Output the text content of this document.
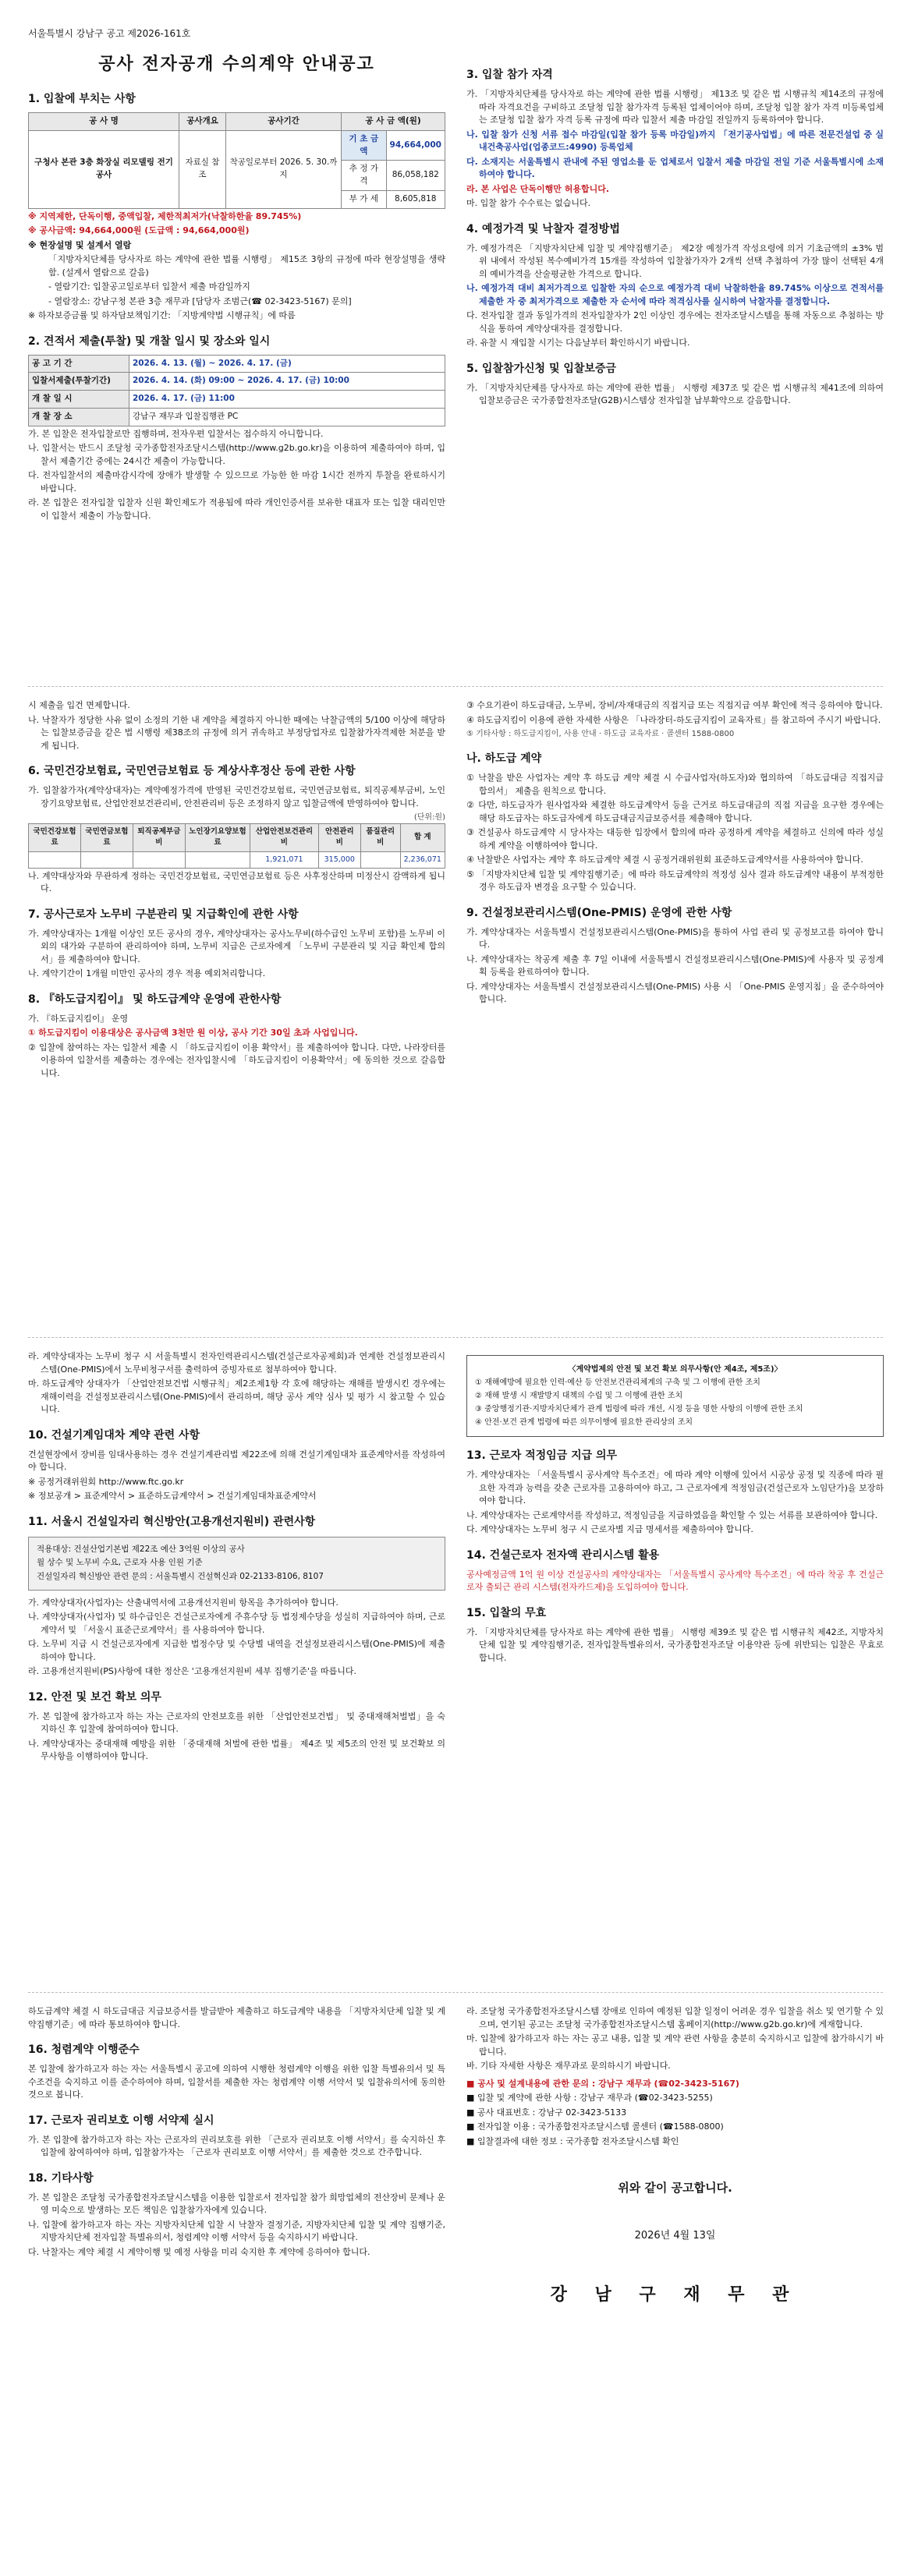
서울특별시 강남구 공고 제2026-161호
공사 전자공개 수의계약 안내공고
1. 입찰에 부치는 사항
공 사 명	공사개요	공사기간	공 사 금 액(원)	
구청사 본관 3층 화장실 리모델링 전기공사	자료실 참조	착공일로부터 2026. 5. 30.까지	기 초 금 액	94,664,000
			추 정 가 격	86,058,182
			부 가 세	8,605,818

※ 지역제한, 단독이행, 중액입찰, 제한적최저가(낙찰하한율 89.745%)

※ 공사금액: 94,664,000원 (도급액 : 94,664,000원)

※ 현장설명 및 설계서 열람

「지방자치단체를 당사자로 하는 계약에 관한 법률 시행령」 제15조 3항의 규정에 따라 현장설명을 생략함. (설계서 열람으로 갈음)

- 열람기간: 입찰공고일로부터 입찰서 제출 마감일까지

- 열람장소: 강남구청 본관 3층 재무과 [담당자 조범근(☎ 02-3423-5167) 문의]

※ 하자보증금률 및 하자담보책임기간: 「지방계약법 시행규칙」에 따름

2. 견적서 제출(투찰) 및 개찰 일시 및 장소와 일시
공 고 기 간	2026. 4. 13. (월) ~ 2026. 4. 17. (금)
입찰서제출(투찰기간)	2026. 4. 14. (화) 09:00 ~ 2026. 4. 17. (금) 10:00
개 찰 일 시	2026. 4. 17. (금) 11:00
개 찰 장 소	강남구 재무과 입찰집행관 PC

가. 본 입찰은 전자입찰로만 집행하며, 전자우편 입찰서는 접수하지 아니합니다.

나. 입찰서는 반드시 조달청 국가종합전자조달시스템(http://www.g2b.go.kr)을 이용하여 제출하여야 하며, 입찰서 제출기간 중에는 24시간 제출이 가능합니다.

다. 전자입찰서의 제출마감시각에 장애가 발생할 수 있으므로 가능한 한 마감 1시간 전까지 투찰을 완료하시기 바랍니다.

라. 본 입찰은 전자입찰 입찰자 신원 확인제도가 적용됨에 따라 개인인증서를 보유한 대표자 또는 입찰 대리인만이 입찰서 제출이 가능합니다.

3. 입찰 참가 자격

가. 「지방자치단체를 당사자로 하는 계약에 관한 법률 시행령」 제13조 및 같은 법 시행규칙 제14조의 규정에 따라 자격요건을 구비하고 조달청 입찰 참가자격 등록된 업체이어야 하며, 조달청 입찰 참가 자격 미등록업체는 조달청 입찰 참가 자격 등록 규정에 따라 입찰서 제출 마감일 전일까지 등록하여야 합니다.

나. 입찰 참가 신청 서류 접수 마감일(입찰 참가 등록 마감일)까지 「전기공사업법」에 따른 전문건설업 중 실내건축공사업(업종코드:4990) 등록업체

다. 소재지는 서울특별시 관내에 주된 영업소를 둔 업체로서 입찰서 제출 마감일 전일 기준 서울특별시에 소재하여야 합니다.

라. 본 사업은 단독이행만 허용합니다.

마. 입찰 참가 수수료는 없습니다.

4. 예정가격 및 낙찰자 결정방법

가. 예정가격은 「지방자치단체 입찰 및 계약집행기준」 제2장 예정가격 작성요령에 의거 기초금액의 ±3% 범위 내에서 작성된 복수예비가격 15개를 작성하여 입찰참가자가 2개씩 선택 추첨하여 가장 많이 선택된 4개의 예비가격을 산술평균한 가격으로 합니다.

나. 예정가격 대비 최저가격으로 입찰한 자의 순으로 예정가격 대비 낙찰하한율 89.745% 이상으로 견적서를 제출한 자 중 최저가격으로 제출한 자 순서에 따라 적격심사를 실시하여 낙찰자를 결정합니다.

다. 전자입찰 결과 동일가격의 전자입찰자가 2인 이상인 경우에는 전자조달시스템을 통해 자동으로 추첨하는 방식을 통하여 계약상대자를 결정합니다.

라. 유찰 시 재입찰 시기는 다음날부터 확인하시기 바랍니다.

5. 입찰참가신청 및 입찰보증금

가. 「지방자치단체를 당사자로 하는 계약에 관한 법률」 시행령 제37조 및 같은 법 시행규칙 제41조에 의하여 입찰보증금은 국가종합전자조달(G2B)시스템상 전자입찰 납부확약으로 갈음합니다.

시 제출을 입건 면제합니다.

나. 낙찰자가 정당한 사유 없이 소정의 기한 내 계약을 체결하지 아니한 때에는 낙찰금액의 5/100 이상에 해당하는 입찰보증금을 같은 법 시행령 제38조의 규정에 의거 귀속하고 부정당업자로 입찰참가자격제한 처분을 받게 됩니다.

6. 국민건강보험료, 국민연금보험료 등 계상사후정산 등에 관한 사항

가. 입찰참가자(계약상대자)는 계약예정가격에 반영된 국민건강보험료, 국민연금보험료, 퇴직공제부금비, 노인장기요양보험료, 산업안전보건관리비, 안전관리비 등은 조정하지 않고 입찰금액에 반영하여야 합니다.

(단위:원)
국민건강보험료	국민연금보험료	퇴직공제부금비	노인장기요양보험료	산업안전보건관리비	안전관리비	품질관리비	합 계
				1,921,071	315,000		2,236,071

나. 계약대상자와 무관하게 정하는 국민건강보험료, 국민연금보험료 등은 사후정산하며 미정산시 감액하게 됩니다.

7. 공사근로자 노무비 구분관리 및 지급확인에 관한 사항

가. 계약상대자는 1개월 이상인 모든 공사의 경우, 계약상대자는 공사노무비(하수급인 노무비 포함)를 노무비 이외의 대가와 구분하여 관리하여야 하며, 노무비 지급은 근로자에게 「노무비 구분관리 및 지급 확인제 합의서」를 제출하여야 합니다.

나. 계약기간이 1개월 미만인 공사의 경우 적용 예외처리합니다.

8. 『하도급지킴이』 및 하도급계약 운영에 관한사항

가. 『하도급지킴이』 운영

① 하도급지킴이 이용대상은 공사금액 3천만 원 이상, 공사 기간 30일 초과 사업입니다.

② 입찰에 참여하는 자는 입찰서 제출 시 「하도급지킴이 이용 확약서」를 제출하여야 합니다. 다만, 나라장터를 이용하여 입찰서를 제출하는 경우에는 전자입찰시에 「하도급지킴이 이용확약서」에 동의한 것으로 갈음합니다.

③ 수요기관이 하도급대금, 노무비, 장비/자재대금의 직접지급 또는 직접지급 여부 확인에 적극 응하여야 합니다.

④ 하도급지킴이 이용에 관한 자세한 사항은 「나라장터-하도급지킴이 교육자료」를 참고하여 주시기 바랍니다.

⑤ 기타사항 : 하도급지킴이, 사용 안내 · 하도급 교육자료 · 콜센터 1588-0800

나. 하도급 계약

① 낙찰을 받은 사업자는 계약 후 하도급 계약 체결 시 수급사업자(하도자)와 협의하여 「하도급대금 직접지급 합의서」 제출을 원칙으로 합니다.

② 다만, 하도급자가 원사업자와 체결한 하도급계약서 등을 근거로 하도급대금의 직접 지급을 요구한 경우에는 해당 하도급자는 하도급자에게 하도급대금지급보증서를 제출해야 합니다.

③ 건설공사 하도급계약 시 당사자는 대등한 입장에서 합의에 따라 공정하게 계약을 체결하고 신의에 따라 성실하게 계약을 이행하여야 합니다.

④ 낙찰받은 사업자는 계약 후 하도급계약 체결 시 공정거래위원회 표준하도급계약서를 사용하여야 합니다.

⑤ 「지방자치단체 입찰 및 계약집행기준」에 따라 하도급계약의 적정성 심사 결과 하도급계약 내용이 부적정한 경우 하도급자 변경을 요구할 수 있습니다.

9. 건설정보관리시스템(One-PMIS) 운영에 관한 사항

가. 계약상대자는 서울특별시 건설정보관리시스템(One-PMIS)을 통하여 사업 관리 및 공정보고를 하여야 합니다.

나. 계약상대자는 착공계 제출 후 7일 이내에 서울특별시 건설정보관리시스템(One-PMIS)에 사용자 및 공정계획 등록을 완료하여야 합니다.

다. 계약상대자는 서울특별시 건설정보관리시스템(One-PMIS) 사용 시 「One-PMIS 운영지침」을 준수하여야 합니다.

라. 계약상대자는 노무비 청구 시 서울특별시 전자인력관리시스템(건설근로자공제회)과 연계한 건설정보관리시스템(One-PMIS)에서 노무비청구서를 출력하여 증빙자료로 첨부하여야 합니다.

마. 하도급계약 상대자가 「산업안전보건법 시행규칙」제2조제1항 각 호에 해당하는 재해를 발생시킨 경우에는 재해이력을 건설정보관리시스템(One-PMIS)에서 관리하며, 해당 공사 계약 심사 및 평가 시 참고할 수 있습니다.

10. 건설기계임대차 계약 관련 사항

건설현장에서 장비를 임대사용하는 경우 건설기계관리법 제22조에 의해 건설기계임대차 표준계약서를 작성하여야 합니다.

※ 공정거래위원회 http://www.ftc.go.kr

※ 정보공개 > 표준계약서 > 표준하도급계약서 > 건설기계임대차표준계약서

11. 서울시 건설일자리 혁신방안(고용개선지원비) 관련사항

적용대상: 건설산업기본법 제22조 예산 3억원 이상의 공사

월 상수 및 노무비 수요, 근로자 사용 인원 기준

건설일자리 혁신방안 관련 문의 : 서울특별시 건설혁신과 02-2133-8106, 8107

가. 계약상대자(사업자)는 산출내역서에 고용개선지원비 항목을 추가하여야 합니다.

나. 계약상대자(사업자) 및 하수급인은 건설근로자에게 주휴수당 등 법정제수당을 성실히 지급하여야 하며, 근로계약서 및 「서울시 표준근로계약서」를 사용하여야 합니다.

다. 노무비 지급 시 건설근로자에게 지급한 법정수당 및 수당별 내역을 건설정보관리시스템(One-PMIS)에 제출하여야 합니다.

라. 고용개선지원비(PS)사항에 대한 정산은 '고용개선지원비 세부 집행기준'을 따릅니다.

12. 안전 및 보건 확보 의무

가. 본 입찰에 참가하고자 하는 자는 근로자의 안전보호를 위한 「산업안전보건법」 및 중대재해처벌법」을 숙지하신 후 입찰에 참여하여야 합니다.

나. 계약상대자는 중대재해 예방을 위한 「중대재해 처벌에 관한 법률」 제4조 및 제5조의 안전 및 보건확보 의무사항을 이행하여야 합니다.

〈계약법제의 안전 및 보건 확보 의무사항(안 제4조, 제5조)〉

① 재해예방에 필요한 인력·예산 등 안전보건관리체계의 구축 및 그 이행에 관한 조치

② 재해 발생 시 재발방지 대책의 수립 및 그 이행에 관한 조치

③ 중앙행정기관·지방자치단체가 관계 법령에 따라 개선, 시정 등을 명한 사항의 이행에 관한 조치

④ 안전·보건 관계 법령에 따른 의무이행에 필요한 관리상의 조치

13. 근로자 적정임금 지급 의무

가. 계약상대자는 「서울특별시 공사계약 특수조건」에 따라 계약 이행에 있어서 시공상 공정 및 직종에 따라 필요한 자격과 능력을 갖춘 근로자를 고용하여야 하고, 그 근로자에게 적정임금(건설근로자 노임단가)을 보장하여야 합니다.

나. 계약상대자는 근로계약서를 작성하고, 적정임금을 지급하였음을 확인할 수 있는 서류를 보관하여야 합니다.

다. 계약상대자는 노무비 청구 시 근로자별 지급 명세서를 제출하여야 합니다.

14. 건설근로자 전자액 관리시스템 활용

공사예정금액 1억 원 이상 건설공사의 계약상대자는 「서울특별시 공사계약 특수조건」에 따라 착공 후 건설근로자 출퇴근 관리 시스템(전자카드제)을 도입하여야 합니다.

15. 입찰의 무효

가. 「지방자치단체를 당사자로 하는 계약에 관한 법률」 시행령 제39조 및 같은 법 시행규칙 제42조, 지방자치단체 입찰 및 계약집행기준, 전자입찰특별유의서, 국가종합전자조달 이용약관 등에 위반되는 입찰은 무효로 합니다.

하도급계약 체결 시 하도급대금 지급보증서를 발급받아 제출하고 하도급계약 내용을 「지방자치단체 입찰 및 계약집행기준」에 따라 통보하여야 합니다.

16. 청렴계약 이행준수

본 입찰에 참가하고자 하는 자는 서울특별시 공고에 의하여 시행한 청렴계약 이행을 위한 입찰 특별유의서 및 특수조건을 숙지하고 이를 준수하여야 하며, 입찰서를 제출한 자는 청렴계약 이행 서약서 및 입찰유의서에 동의한 것으로 봅니다.

17. 근로자 권리보호 이행 서약제 실시

가. 본 입찰에 참가하고자 하는 자는 근로자의 권리보호를 위한 「근로자 권리보호 이행 서약서」를 숙지하신 후 입찰에 참여하여야 하며, 입찰참가자는 「근로자 권리보호 이행 서약서」를 제출한 것으로 간주합니다.

18. 기타사항

가. 본 입찰은 조달청 국가종합전자조달시스템을 이용한 입찰로서 전자입찰 참가 희망업체의 전산장비 문제나 운영 미숙으로 발생하는 모든 책임은 입찰참가자에게 있습니다.

나. 입찰에 참가하고자 하는 자는 지방자치단체 입찰 시 낙찰자 결정기준, 지방자치단체 입찰 및 계약 집행기준, 지방자치단체 전자입찰 특별유의서, 청렴계약 이행 서약서 등을 숙지하시기 바랍니다.

다. 낙찰자는 계약 체결 시 계약이행 및 예정 사항을 미리 숙지한 후 계약에 응하여야 합니다.

라. 조달청 국가종합전자조달시스템 장애로 인하여 예정된 입찰 일정이 어려운 경우 입찰을 취소 및 연기할 수 있으며, 연기된 공고는 조달청 국가종합전자조달시스템 홈페이지(http://www.g2b.go.kr)에 게재합니다.

마. 입찰에 참가하고자 하는 자는 공고 내용, 입찰 및 계약 관련 사항을 충분히 숙지하시고 입찰에 참가하시기 바랍니다.

바. 기타 자세한 사항은 재무과로 문의하시기 바랍니다.

■ 공사 및 설계내용에 관한 문의 : 강남구 재무과 (☎02-3423-5167)

■ 입찰 및 계약에 관한 사항 : 강남구 재무과 (☎02-3423-5255)

■ 공사 대표번호 : 강남구 02-3423-5133

■ 전자입찰 이용 : 국가종합전자조달시스템 콜센터 (☎1588-0800)

■ 입찰결과에 대한 정보 : 국가종합 전자조달시스템 확인

위와 같이 공고합니다.

2026년 4월 13일

강 남 구 재 무 관
